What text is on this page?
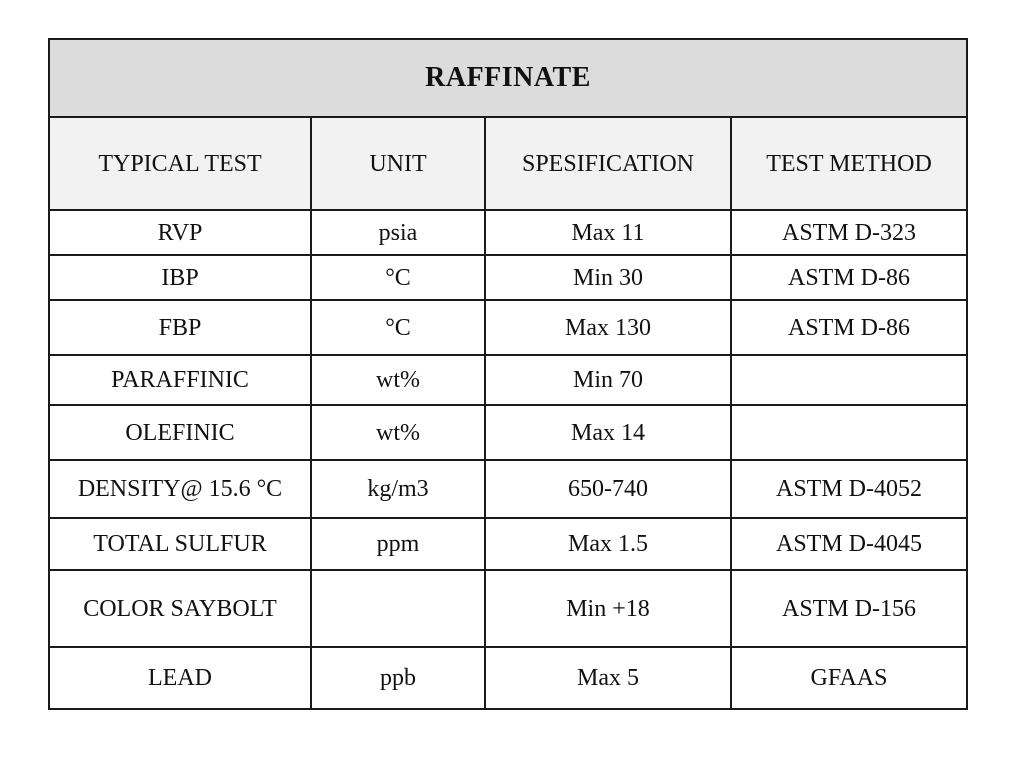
RAFFINATE			
TYPICAL TEST	UNIT	SPESIFICATION	TEST METHOD
RVP	psia	Max 11	ASTM D-323
IBP	°C	Min 30	ASTM D-86
FBP	°C	Max 130	ASTM D-86
PARAFFINIC	wt%	Min 70	
OLEFINIC	wt%	Max 14	
DENSITY@ 15.6 °C	kg/m3	650-740	ASTM D-4052
TOTAL SULFUR	ppm	Max 1.5	ASTM D-4045
COLOR SAYBOLT		Min +18	ASTM D-156
LEAD	ppb	Max 5	GFAAS
